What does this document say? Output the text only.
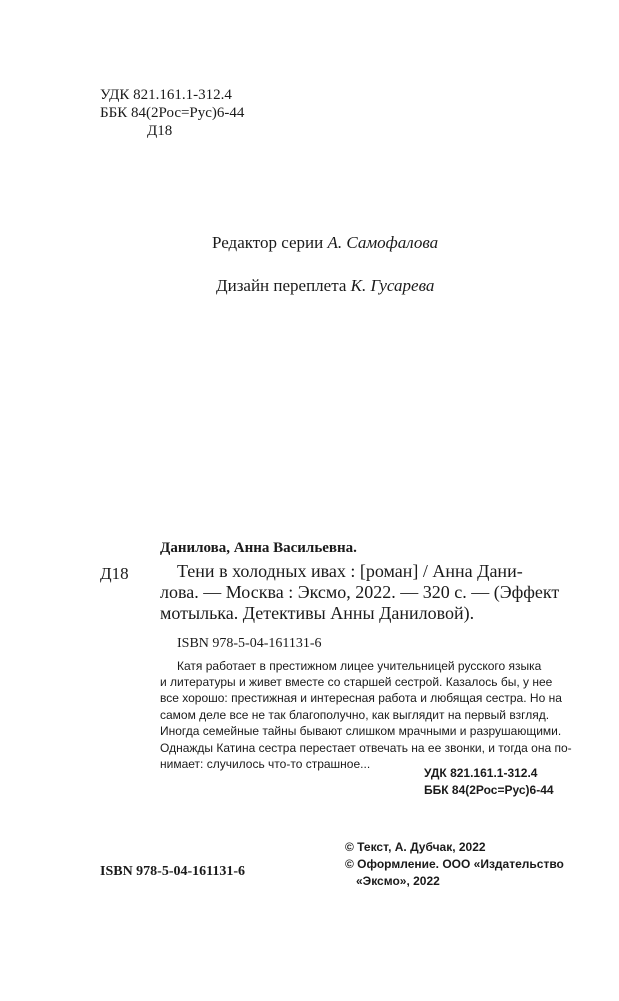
УДК 821.161.1-312.4
ББК 84(2Рос=Рус)6-44
Д18
Редактор серии А. Самофалова
Дизайн переплета К. Гусарева
Данилова, Анна Васильевна.
Д18	Тени в холодных ивах : [роман] / Анна Дани-
лова. — Москва : Эксмо, 2022. — 320 с. — (Эффект
мотылька. Детективы Анны Даниловой).
ISBN 978-5-04-161131-6
Катя работает в престижном лицее учительницей русского языка
и литературы и живет вместе со старшей сестрой. Казалось бы, у нее
все хорошо: престижная и интересная работа и любящая сестра. Но на
самом деле все не так благополучно, как выглядит на первый взгляд.
Иногда семейные тайны бывают слишком мрачными и разрушающими.
Однажды Катина сестра перестает отвечать на ее звонки, и тогда она по-
нимает: случилось что-то страшное...
УДК 821.161.1-312.4
ББК 84(2Рос=Рус)6-44
© Текст, А. Дубчак, 2022
© Оформление. ООО «Издательство
«Эксмо», 2022
ISBN 978-5-04-161131-6
